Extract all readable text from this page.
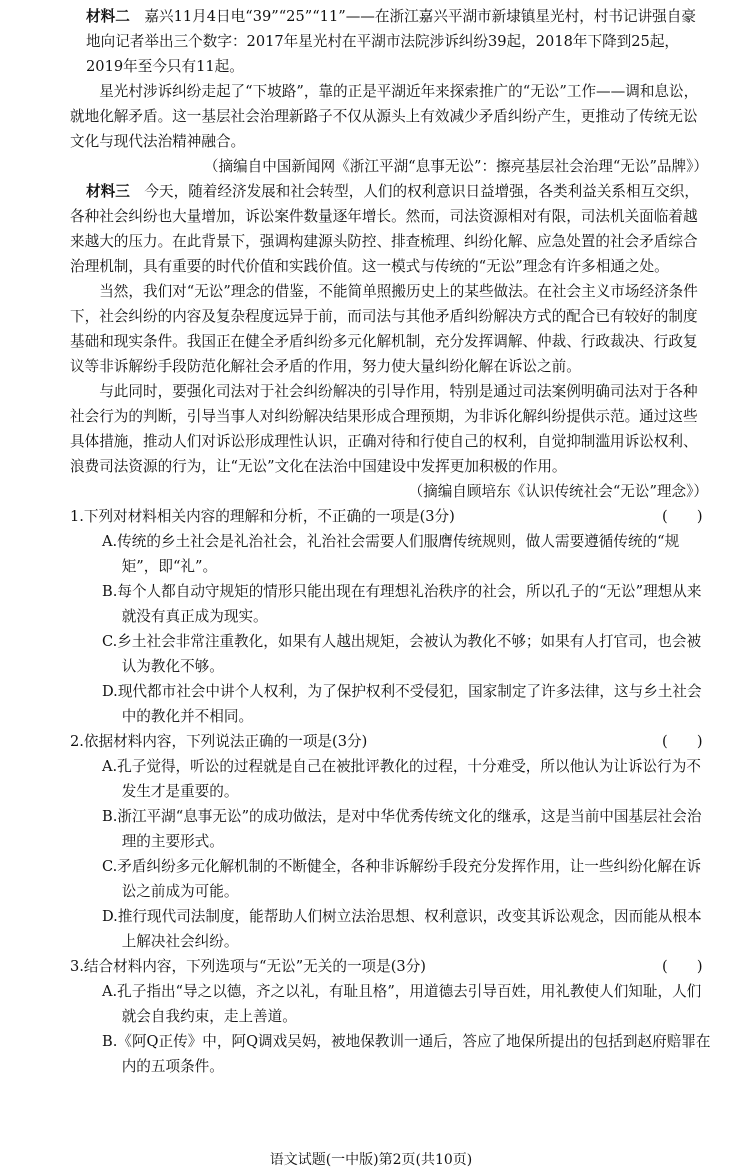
材料二　 嘉兴11月4日电“39”“25”“11”——在浙江嘉兴平湖市新埭镇星光村，村书记讲强自豪地向记者举出三个数字：2017年星光村在平湖市法院涉诉纠纷39起，2018年下降到25起，2019年至今只有11起。

星光村涉诉纠纷走起了“下坡路”，靠的正是平湖近年来探索推广的“无讼”工作——调和息讼，就地化解矛盾。这一基层社会治理新路子不仅从源头上有效减少矛盾纠纷产生，更推动了传统无讼文化与现代法治精神融合。

（摘编自中国新闻网《浙江平湖“息事无讼”：擦亮基层社会治理“无讼”品牌》）

材料三　 今天，随着经济发展和社会转型，人们的权利意识日益增强，各类利益关系相互交织，各种社会纠纷也大量增加，诉讼案件数量逐年增长。然而，司法资源相对有限，司法机关面临着越来越大的压力。在此背景下，强调构建源头防控、排查梳理、纠纷化解、应急处置的社会矛盾综合治理机制，具有重要的时代价值和实践价值。这一模式与传统的“无讼”理念有许多相通之处。

当然，我们对“无讼”理念的借鉴，不能简单照搬历史上的某些做法。在社会主义市场经济条件下，社会纠纷的内容及复杂程度远异于前，而司法与其他矛盾纠纷解决方式的配合已有较好的制度基础和现实条件。我国正在健全矛盾纠纷多元化解机制，充分发挥调解、仲裁、行政裁决、行政复议等非诉解纷手段防范化解社会矛盾的作用，努力使大量纠纷化解在诉讼之前。

与此同时，要强化司法对于社会纠纷解决的引导作用，特别是通过司法案例明确司法对于各种社会行为的判断，引导当事人对纠纷解决结果形成合理预期，为非诉化解纠纷提供示范。通过这些具体措施，推动人们对诉讼形成理性认识，正确对待和行使自己的权利，自觉抑制滥用诉讼权利、浪费司法资源的行为，让“无讼”文化在法治中国建设中发挥更加积极的作用。

（摘编自顾培东《认识传统社会“无讼”理念》）

1.下列对材料相关内容的理解和分析，不正确的一项是(3分)	(　　)

A.传统的乡土社会是礼治社会，礼治社会需要人们服膺传统规则，做人需要遵循传统的“规矩”，即“礼”。

B.每个人都自动守规矩的情形只能出现在有理想礼治秩序的社会，所以孔子的“无讼”理想从来就没有真正成为现实。

C.乡土社会非常注重教化，如果有人越出规矩，会被认为教化不够；如果有人打官司，也会被认为教化不够。

D.现代都市社会中讲个人权利，为了保护权利不受侵犯，国家制定了许多法律，这与乡土社会中的教化并不相同。

2.依据材料内容，下列说法正确的一项是(3分)	(　　)

A.孔子觉得，听讼的过程就是自己在被批评教化的过程，十分难受，所以他认为让诉讼行为不发生才是重要的。

B.浙江平湖“息事无讼”的成功做法，是对中华优秀传统文化的继承，这是当前中国基层社会治理的主要形式。

C.矛盾纠纷多元化解机制的不断健全，各种非诉解纷手段充分发挥作用，让一些纠纷化解在诉讼之前成为可能。

D.推行现代司法制度，能帮助人们树立法治思想、权利意识，改变其诉讼观念，因而能从根本上解决社会纠纷。

3.结合材料内容，下列选项与“无讼”无关的一项是(3分)	(　　)

A.孔子指出“导之以德，齐之以礼，有耻且格”，用道德去引导百姓，用礼教使人们知耻，人们就会自我约束，走上善道。

B.《阿Q正传》中，阿Q调戏吴妈，被地保教训一通后，答应了地保所提出的包括到赵府赔罪在内的五项条件。

语文试题(一中版)第2页(共10页)
